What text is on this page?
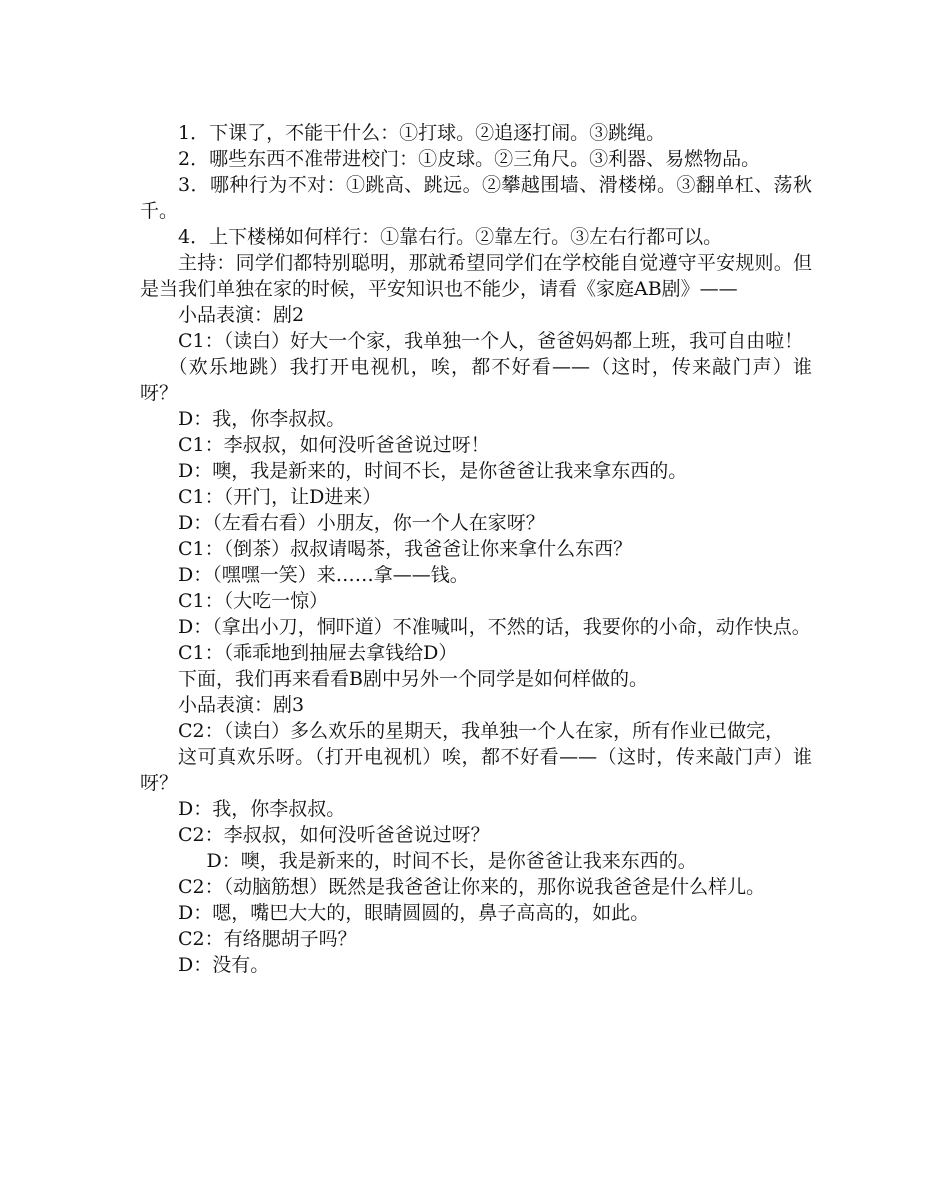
1．下课了，不能干什么：①打球。②追逐打闹。③跳绳。

2．哪些东西不准带进校门：①皮球。②三角尺。③利器、易燃物品。

3．哪种行为不对：①跳高、跳远。②攀越围墙、滑楼梯。③翻单杠、荡秋千。

4．上下楼梯如何样行：①靠右行。②靠左行。③左右行都可以。

主持：同学们都特别聪明，那就希望同学们在学校能自觉遵守平安规则。但是当我们单独在家的时候，平安知识也不能少，请看《家庭AB剧》——

小品表演：剧2

C1：（读白）好大一个家，我单独一个人，爸爸妈妈都上班，我可自由啦！

（欢乐地跳）我打开电视机，唉，都不好看——（这时，传来敲门声）谁呀？

D：我，你李叔叔。

C1：李叔叔，如何没听爸爸说过呀！

D：噢，我是新来的，时间不长，是你爸爸让我来拿东西的。

C1：（开门，让D进来）

D：（左看右看）小朋友，你一个人在家呀？

C1：（倒茶）叔叔请喝茶，我爸爸让你来拿什么东西？

D：（嘿嘿一笑）来……拿——钱。

C1：（大吃一惊）

D：（拿出小刀，恫吓道）不准喊叫，不然的话，我要你的小命，动作快点。

C1：（乖乖地到抽屉去拿钱给D）

下面，我们再来看看B剧中另外一个同学是如何样做的。

小品表演：剧3

C2：（读白）多么欢乐的星期天，我单独一个人在家，所有作业已做完，

这可真欢乐呀。（打开电视机）唉，都不好看——（这时，传来敲门声）谁呀？

D：我，你李叔叔。

C2：李叔叔，如何没听爸爸说过呀？

D：噢，我是新来的，时间不长，是你爸爸让我来东西的。

C2：（动脑筋想）既然是我爸爸让你来的，那你说我爸爸是什么样儿。

D：嗯，嘴巴大大的，眼睛圆圆的，鼻子高高的，如此。

C2：有络腮胡子吗？

D：没有。
